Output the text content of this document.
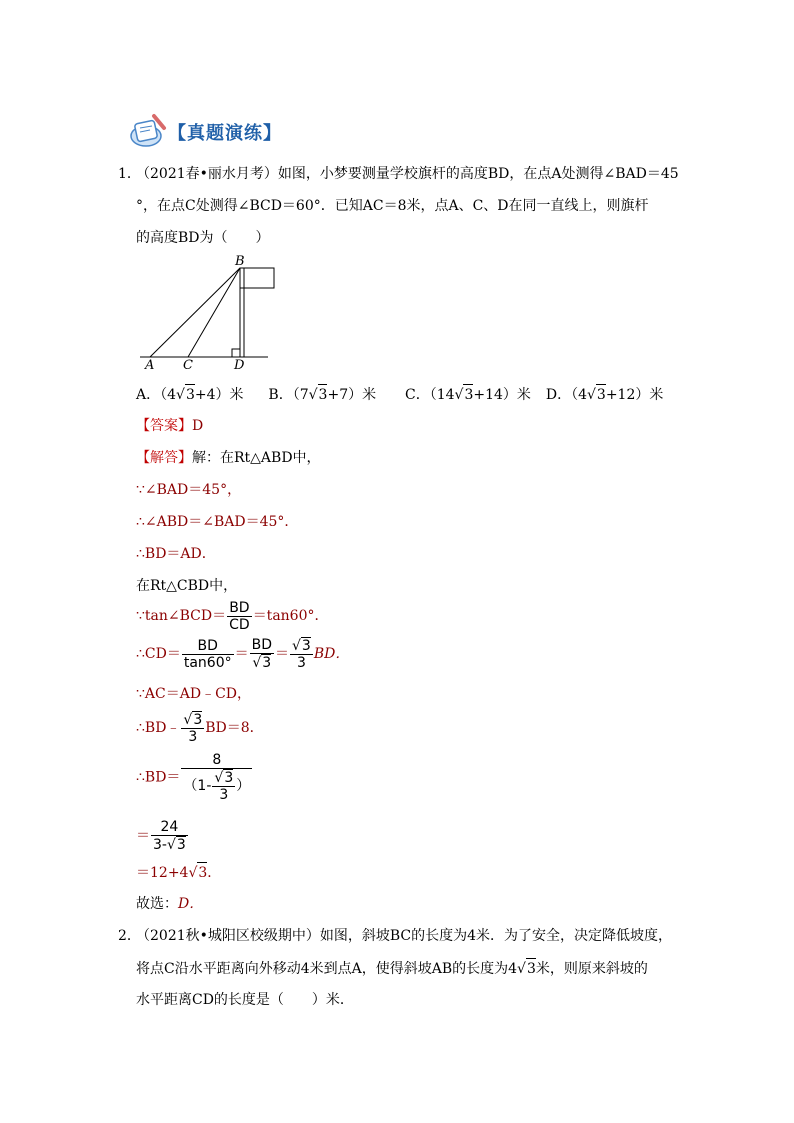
【真题演练】
1．
（2021春•丽水月考）如图，小梦要测量学校旗杆的高度BD，在点A处测得∠BAD＝45
°，在点C处测得∠BCD＝60°．已知AC＝8米，点A、C、D在同一直线上，则旗杆
的高度BD为（　　）
B
A C	D
A．（4√3+4）米 B．（7√3+7）米 C．（14√3+14）米 D．（4√3+12）米
【答案】D
【解答】解：在Rt△ABD中，
∵∠BAD＝45°，
∴∠ABD＝∠BAD＝45°．
∴BD＝AD．
在Rt△CBD中，
∵tan∠BCD＝ $\frac{BD}{CD} =\tan 60^\circ$．
∴CD＝ $\frac{BD}{\tan 60^\circ} = \frac{BD}{√3} = \frac{√3}{3}$ BD．
∵AC＝AD﹣CD，
∴BD﹣ $\frac{√3}{3} BD=8$．
∴BD＝ $\frac{8}{(1- \frac{√3}{3} )}$
＝ $\frac{24}{3-√3}$
＝12+4√3．
故选：D．
2．
（2021秋•城阳区校级期中）如图，斜坡BC的长度为4米．为了安全，决定降低坡度，
将点C沿水平距离向外移动4米到点A，使得斜坡AB的长度为4√3米，则原来斜坡的
水平距离CD的长度是（　　）米．
